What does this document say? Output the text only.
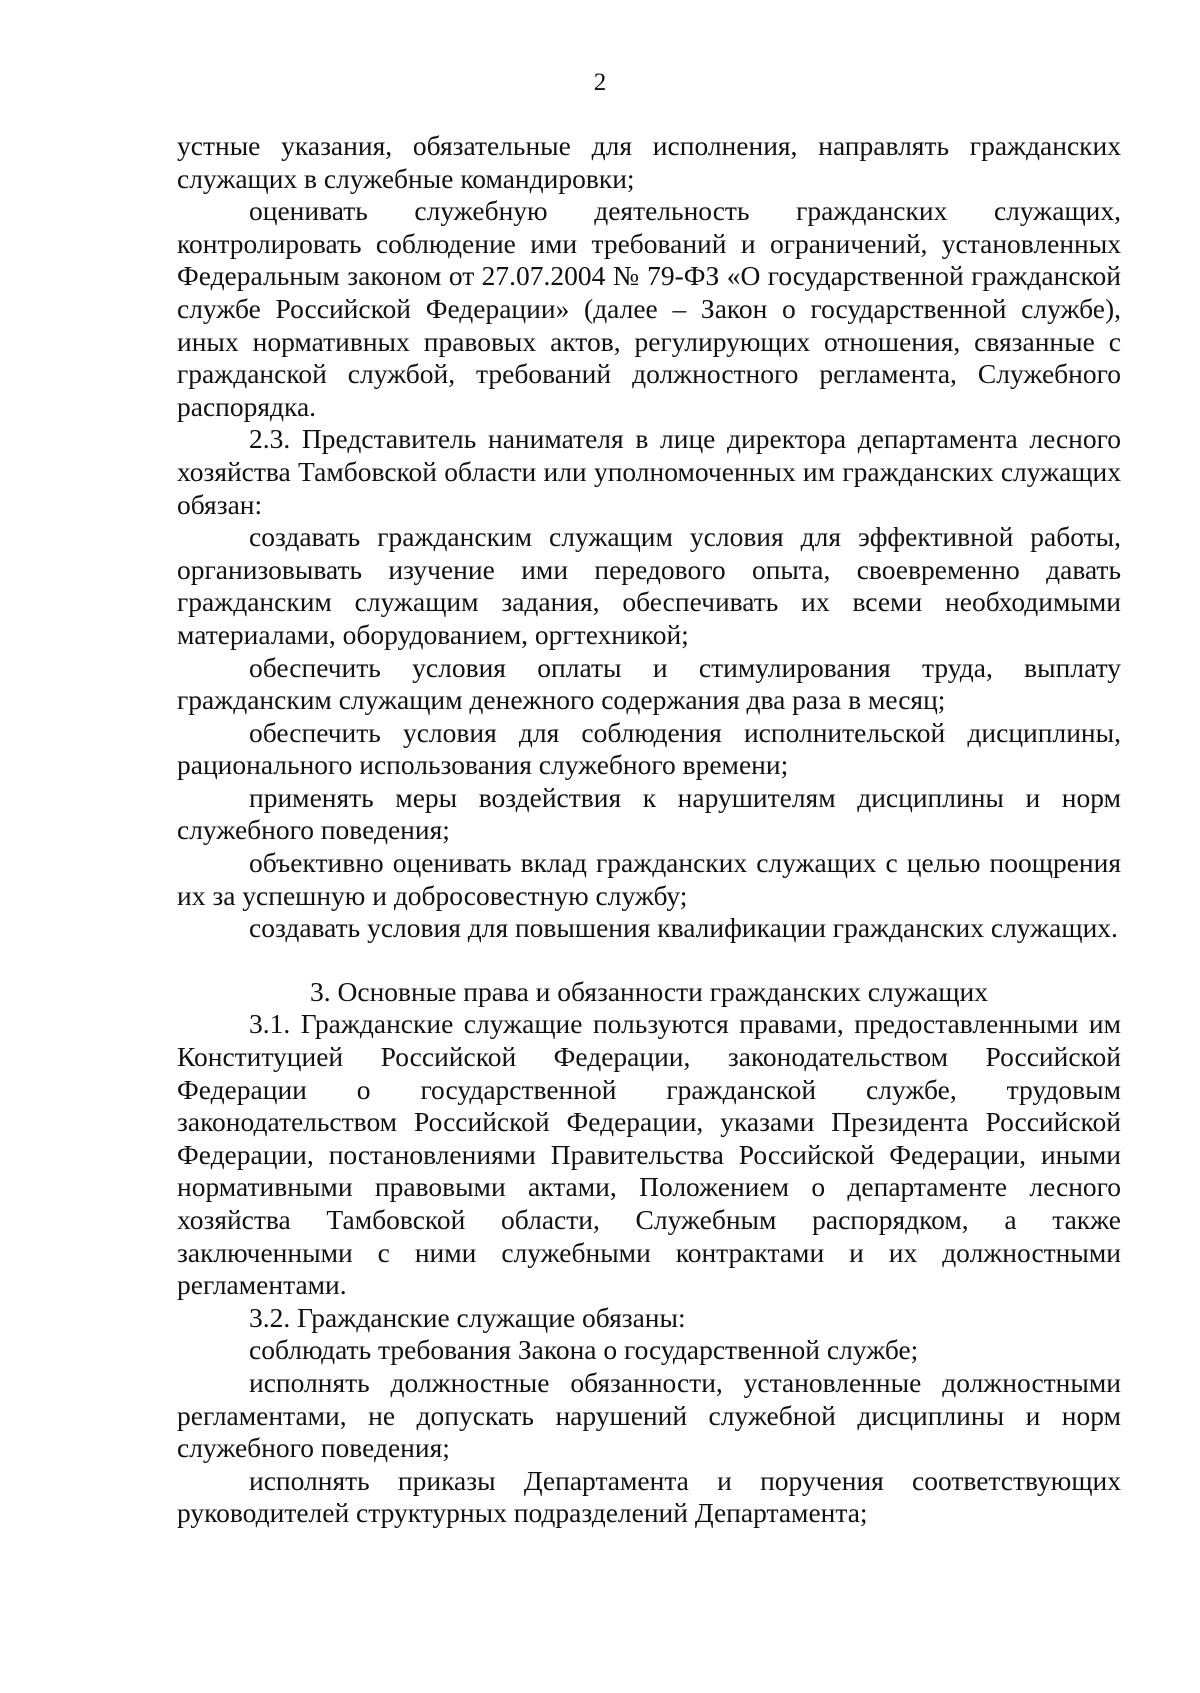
2

устные указания, обязательные для исполнения, направлять гражданских служащих в служебные командировки;

оценивать служебную деятельность гражданских служащих, контролировать соблюдение ими требований и ограничений, установленных Федеральным законом от 27.07.2004 № 79-ФЗ «О государственной гражданской службе Российской Федерации» (далее – Закон о государственной службе), иных нормативных правовых актов, регулирующих отношения, связанные с гражданской службой, требований должностного регламента, Служебного распорядка.

2.3. Представитель нанимателя в лице директора департамента лесного хозяйства Тамбовской области или уполномоченных им гражданских служащих обязан:

создавать гражданским служащим условия для эффективной работы, организовывать изучение ими передового опыта, своевременно давать гражданским служащим задания, обеспечивать их всеми необходимыми материалами, оборудованием, оргтехникой;

обеспечить условия оплаты и стимулирования труда, выплату гражданским служащим денежного содержания два раза в месяц;

обеспечить условия для соблюдения исполнительской дисциплины, рационального использования служебного времени;

применять меры воздействия к нарушителям дисциплины и норм служебного поведения;

объективно оценивать вклад гражданских служащих с целью поощрения их за успешную и добросовестную службу;

создавать условия для повышения квалификации гражданских служащих.

3. Основные права и обязанности гражданских служащих

3.1. Гражданские служащие пользуются правами, предоставленными им Конституцией Российской Федерации, законодательством Российской Федерации о государственной гражданской службе, трудовым законодательством Российской Федерации, указами Президента Российской Федерации, постановлениями Правительства Российской Федерации, иными нормативными правовыми актами, Положением о департаменте лесного хозяйства Тамбовской области, Служебным распорядком, а также заключенными с ними служебными контрактами и их должностными регламентами.

3.2. Гражданские служащие обязаны:

соблюдать требования Закона о государственной службе;

исполнять должностные обязанности, установленные должностными регламентами, не допускать нарушений служебной дисциплины и норм служебного поведения;

исполнять приказы Департамента и поручения соответствующих руководителей структурных подразделений Департамента;
